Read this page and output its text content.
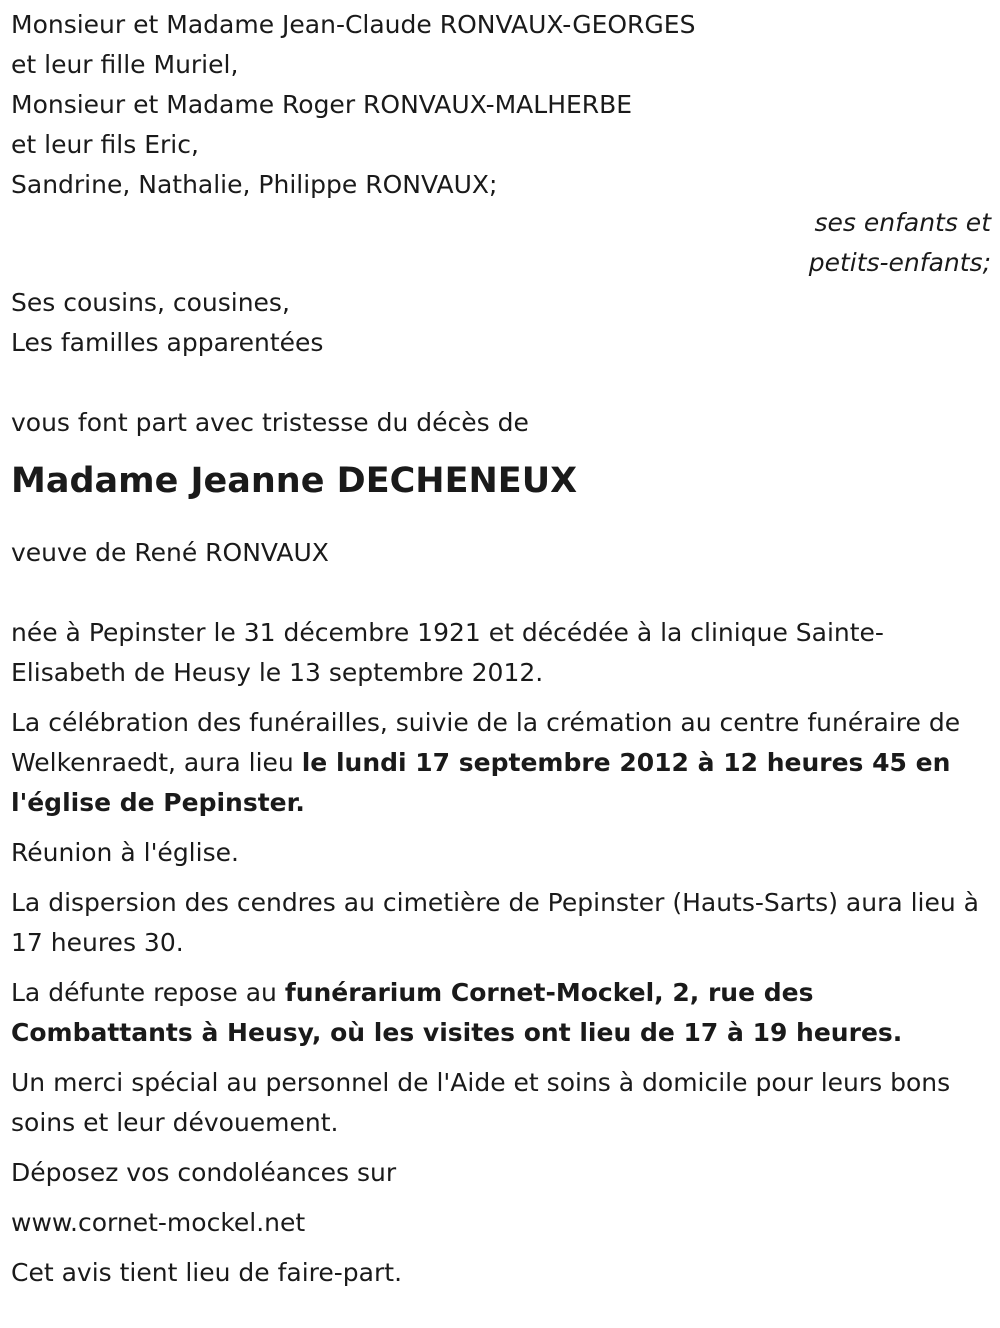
Monsieur et Madame Jean-Claude RONVAUX-GEORGES
et leur fille Muriel,
Monsieur et Madame Roger RONVAUX-MALHERBE
et leur fils Eric,
Sandrine, Nathalie, Philippe RONVAUX;
ses enfants et
petits-enfants;
Ses cousins, cousines,
Les familles apparentées
vous font part avec tristesse du décès de
Madame Jeanne DECHENEUX
veuve de René RONVAUX

née à Pepinster le 31 décembre 1921 et décédée à la clinique Sainte-Elisabeth de Heusy le 13 septembre 2012.

La célébration des funérailles, suivie de la crémation au centre funéraire de Welkenraedt, aura lieu le lundi 17 septembre 2012 à 12 heures 45 en l'église de Pepinster.

Réunion à l'église.

La dispersion des cendres au cimetière de Pepinster (Hauts-Sarts) aura lieu à 17 heures 30.

La défunte repose au funérarium Cornet-Mockel, 2, rue des Combattants à Heusy, où les visites ont lieu de 17 à 19 heures.

Un merci spécial au personnel de l'Aide et soins à domicile pour leurs bons soins et leur dévouement.

Déposez vos condoléances sur

www.cornet-mockel.net

Cet avis tient lieu de faire-part.
